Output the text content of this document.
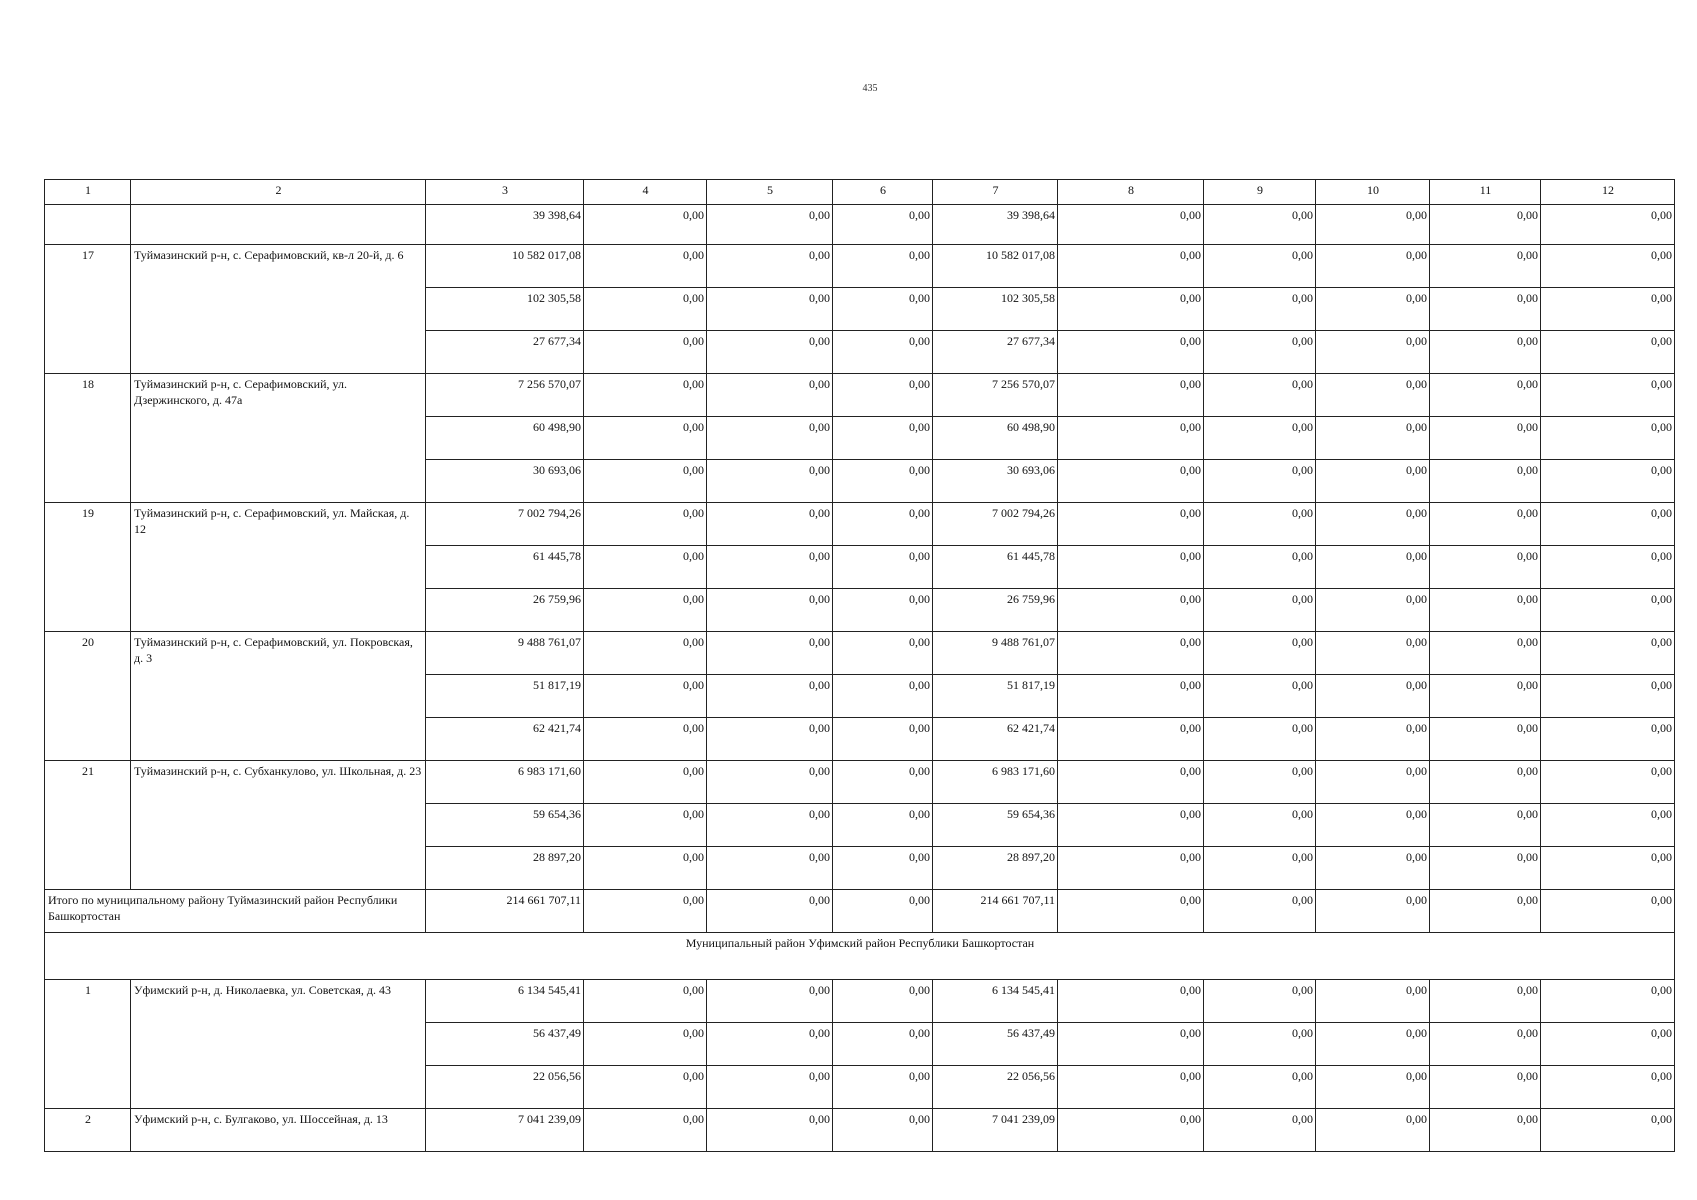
435
1	2	3	4	5	6	7	8	9	10	11	12
		39 398,64	0,00	0,00	0,00	39 398,64	0,00	0,00	0,00	0,00	0,00
17	Туймазинский р-н, с. Серафимовский, кв-л 20-й, д. 6	10 582 017,08	0,00	0,00	0,00	10 582 017,08	0,00	0,00	0,00	0,00	0,00
		102 305,58	0,00	0,00	0,00	102 305,58	0,00	0,00	0,00	0,00	0,00
		27 677,34	0,00	0,00	0,00	27 677,34	0,00	0,00	0,00	0,00	0,00
18	Туймазинский р-н, с. Серафимовский, ул. Дзержинского, д. 47а	7 256 570,07	0,00	0,00	0,00	7 256 570,07	0,00	0,00	0,00	0,00	0,00
		60 498,90	0,00	0,00	0,00	60 498,90	0,00	0,00	0,00	0,00	0,00
		30 693,06	0,00	0,00	0,00	30 693,06	0,00	0,00	0,00	0,00	0,00
19	Туймазинский р-н, с. Серафимовский, ул. Майская, д. 12	7 002 794,26	0,00	0,00	0,00	7 002 794,26	0,00	0,00	0,00	0,00	0,00
		61 445,78	0,00	0,00	0,00	61 445,78	0,00	0,00	0,00	0,00	0,00
		26 759,96	0,00	0,00	0,00	26 759,96	0,00	0,00	0,00	0,00	0,00
20	Туймазинский р-н, с. Серафимовский, ул. Покровская, д. 3	9 488 761,07	0,00	0,00	0,00	9 488 761,07	0,00	0,00	0,00	0,00	0,00
		51 817,19	0,00	0,00	0,00	51 817,19	0,00	0,00	0,00	0,00	0,00
		62 421,74	0,00	0,00	0,00	62 421,74	0,00	0,00	0,00	0,00	0,00
21	Туймазинский р-н, с. Субханкулово, ул. Школьная, д. 23	6 983 171,60	0,00	0,00	0,00	6 983 171,60	0,00	0,00	0,00	0,00	0,00
		59 654,36	0,00	0,00	0,00	59 654,36	0,00	0,00	0,00	0,00	0,00
		28 897,20	0,00	0,00	0,00	28 897,20	0,00	0,00	0,00	0,00	0,00
Итого по муниципальному району Туймазинский район Республики Башкортостан		214 661 707,11	0,00	0,00	0,00	214 661 707,11	0,00	0,00	0,00	0,00	0,00
Муниципальный район Уфимский район Республики Башкортостан											
1	Уфимский р-н, д. Николаевка, ул. Советская, д. 43	6 134 545,41	0,00	0,00	0,00	6 134 545,41	0,00	0,00	0,00	0,00	0,00
		56 437,49	0,00	0,00	0,00	56 437,49	0,00	0,00	0,00	0,00	0,00
		22 056,56	0,00	0,00	0,00	22 056,56	0,00	0,00	0,00	0,00	0,00
2	Уфимский р-н, с. Булгаково, ул. Шоссейная, д. 13	7 041 239,09	0,00	0,00	0,00	7 041 239,09	0,00	0,00	0,00	0,00	0,00
